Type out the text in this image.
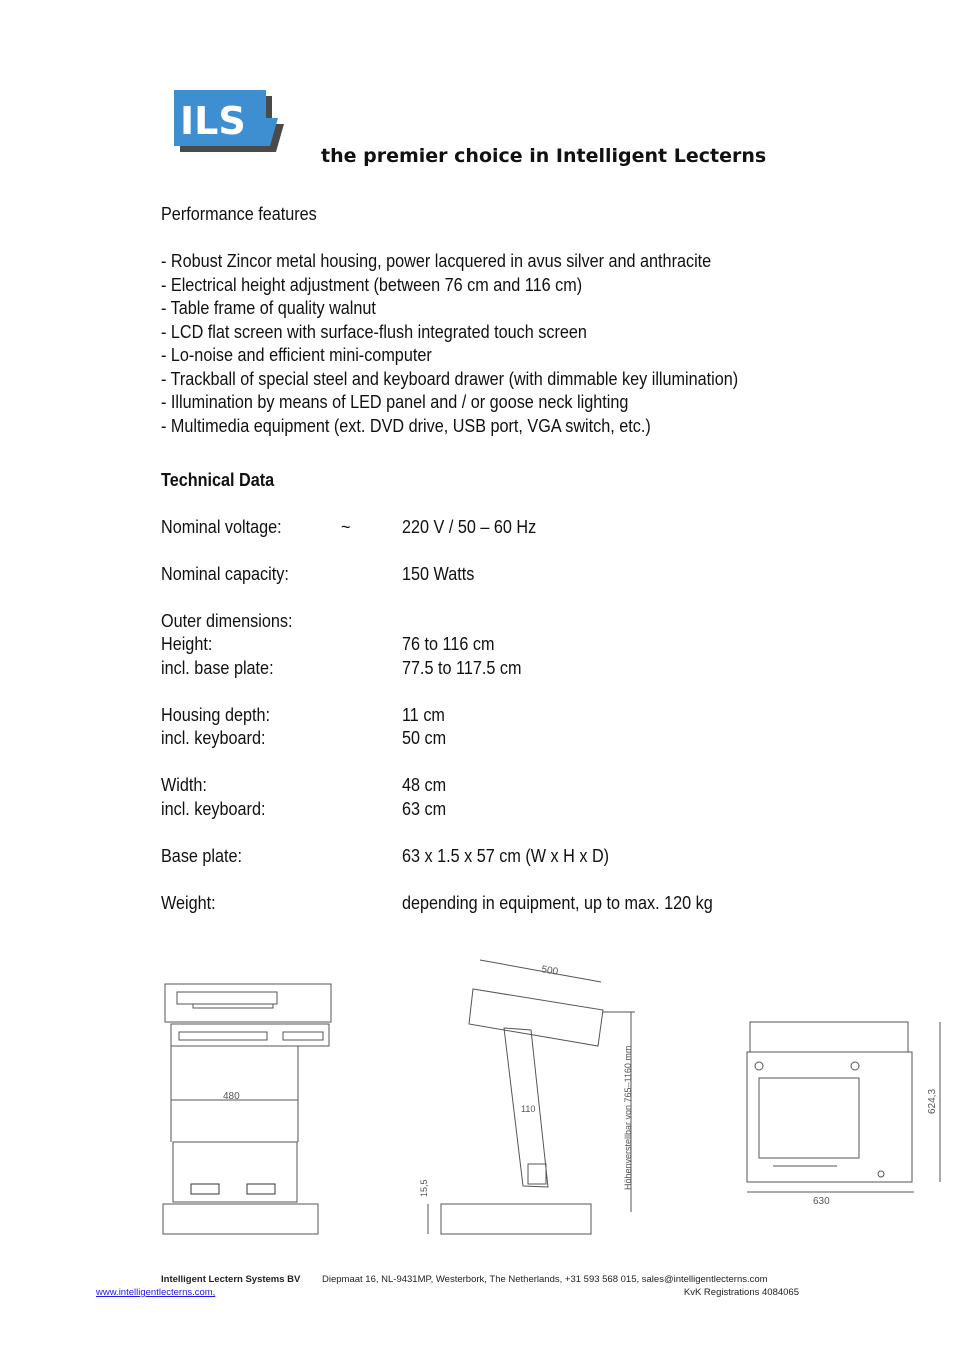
ILS
the premier choice in Intelligent Lecterns
Performance features
- Robust Zincor metal housing, power lacquered in avus silver and anthracite
- Electrical height adjustment (between 76 cm and 116 cm)
- Table frame of quality walnut
- LCD flat screen with surface-flush integrated touch screen
- Lo-noise and efficient mini-computer
- Trackball of special steel and keyboard drawer (with dimmable key illumination)
- Illumination by means of LED panel and / or goose neck lighting
- Multimedia equipment (ext. DVD drive, USB port, VGA switch, etc.)
Technical Data
Nominal voltage:	~	220 V / 50 – 60 Hz
Nominal capacity:	150 Watts
Outer dimensions:
Height:	76 to 116 cm
incl. base plate:	77.5 to 117.5 cm
Housing depth:	11 cm
incl. keyboard:	50 cm
Width:	48 cm
incl. keyboard:	63 cm
Base plate:	63 x 1.5 x 57 cm (W x H x D)
Weight:	depending in equipment, up to max. 120 kg
480
500
110
15,5	Höhenverstellbar von 765–1160 mm
630
624,3
Intelligent Lectern Systems BV Diepmaat 16, NL-9431MP, Westerbork, The Netherlands, +31 593 568 015, sales@intelligentlecterns.com
www.intelligentlecterns.com,	KvK Registrations 4084065
